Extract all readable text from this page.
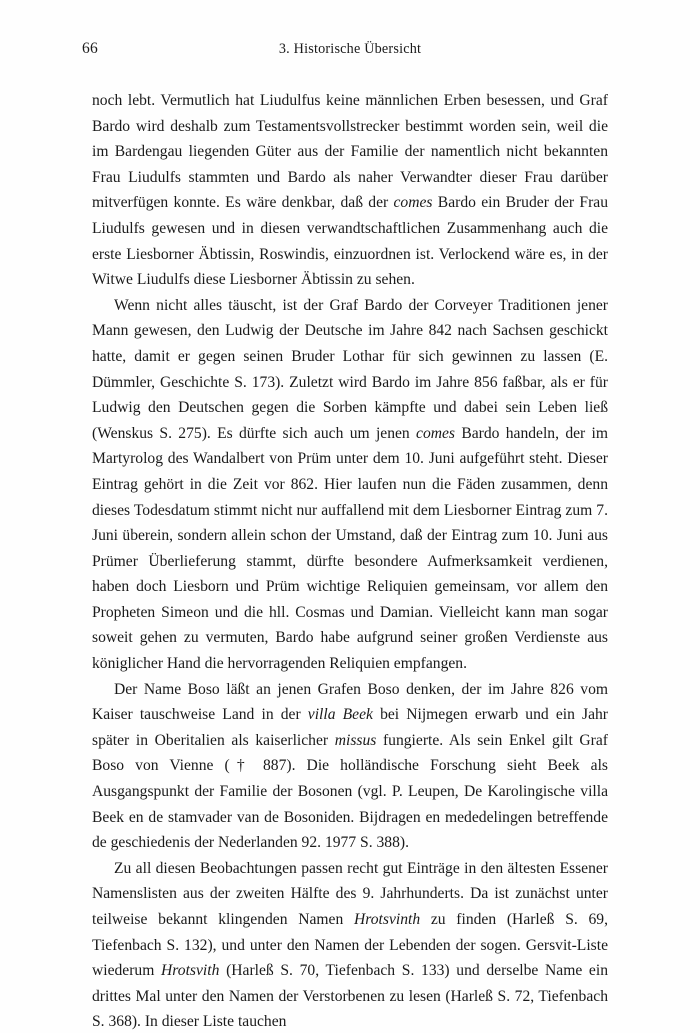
66	3. Historische Übersicht

noch lebt. Vermutlich hat Liudulfus keine männlichen Erben besessen, und Graf Bardo wird deshalb zum Testamentsvollstrecker bestimmt worden sein, weil die im Bardengau liegenden Güter aus der Familie der namentlich nicht bekannten Frau Liudulfs stammten und Bardo als naher Verwandter dieser Frau darüber mitverfügen konnte. Es wäre denkbar, daß der comes Bardo ein Bruder der Frau Liudulfs gewesen und in diesen verwandtschaftlichen Zusammenhang auch die erste Liesborner Äbtissin, Roswindis, einzuordnen ist. Verlockend wäre es, in der Witwe Liudulfs diese Liesborner Äbtissin zu sehen.

Wenn nicht alles täuscht, ist der Graf Bardo der Corveyer Traditionen jener Mann gewesen, den Ludwig der Deutsche im Jahre 842 nach Sachsen geschickt hatte, damit er gegen seinen Bruder Lothar für sich gewinnen zu lassen (E. Dümmler, Geschichte S. 173). Zuletzt wird Bardo im Jahre 856 faßbar, als er für Ludwig den Deutschen gegen die Sorben kämpfte und dabei sein Leben ließ (Wenskus S. 275). Es dürfte sich auch um jenen comes Bardo handeln, der im Martyrolog des Wandalbert von Prüm unter dem 10. Juni aufgeführt steht. Dieser Eintrag gehört in die Zeit vor 862. Hier laufen nun die Fäden zusammen, denn dieses Todesdatum stimmt nicht nur auffallend mit dem Liesborner Eintrag zum 7. Juni überein, sondern allein schon der Umstand, daß der Eintrag zum 10. Juni aus Prümer Überlieferung stammt, dürfte besondere Aufmerksamkeit verdienen, haben doch Liesborn und Prüm wichtige Reliquien gemeinsam, vor allem den Propheten Simeon und die hll. Cosmas und Damian. Vielleicht kann man sogar soweit gehen zu vermuten, Bardo habe aufgrund seiner großen Verdienste aus königlicher Hand die hervorragenden Reliquien empfangen.

Der Name Boso läßt an jenen Grafen Boso denken, der im Jahre 826 vom Kaiser tauschweise Land in der villa Beek bei Nijmegen erwarb und ein Jahr später in Oberitalien als kaiserlicher missus fungierte. Als sein Enkel gilt Graf Boso von Vienne († 887). Die holländische Forschung sieht Beek als Ausgangspunkt der Familie der Bosonen (vgl. P. Leupen, De Karolingische villa Beek en de stamvader van de Bosoniden. Bijdragen en mededelingen betreffende de geschiedenis der Nederlanden 92. 1977 S. 388).

Zu all diesen Beobachtungen passen recht gut Einträge in den ältesten Essener Namenslisten aus der zweiten Hälfte des 9. Jahrhunderts. Da ist zunächst unter teilweise bekannt klingenden Namen Hrotsvinth zu finden (Harleß S. 69, Tiefenbach S. 132), und unter den Namen der Lebenden der sogen. Gersvit-Liste wiederum Hrotsvith (Harleß S. 70, Tiefenbach S. 133) und derselbe Name ein drittes Mal unter den Namen der Verstorbenen zu lesen (Harleß S. 72, Tiefenbach S. 368). In dieser Liste tauchen
